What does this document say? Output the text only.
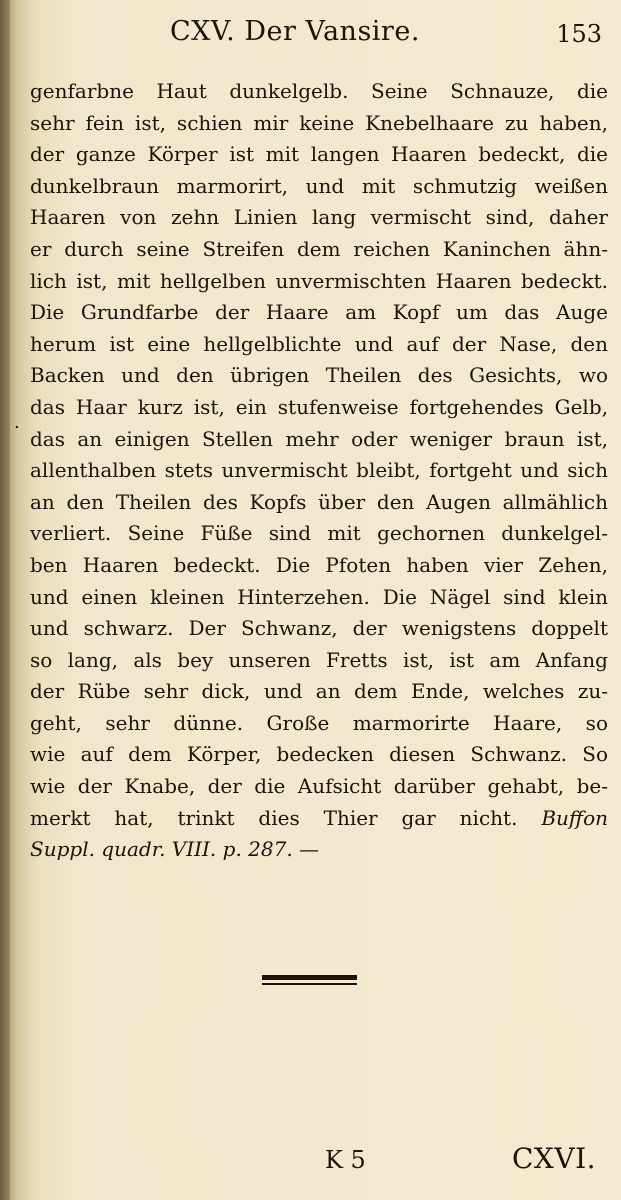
CXV. Der Vansire.	153
.
genfarbne Haut dunkelgelb. Seine Schnauze, die
sehr fein ist, schien mir keine Knebelhaare zu haben,
der ganze Körper ist mit langen Haaren bedeckt, die
dunkelbraun marmorirt, und mit schmutzig weißen
Haaren von zehn Linien lang vermischt sind, daher
er durch seine Streifen dem reichen Kaninchen ähn-
lich ist, mit hellgelben unvermischten Haaren bedeckt.
Die Grundfarbe der Haare am Kopf um das Auge
herum ist eine hellgelblichte und auf der Nase, den
Backen und den übrigen Theilen des Gesichts, wo
das Haar kurz ist, ein stufenweise fortgehendes Gelb,
das an einigen Stellen mehr oder weniger braun ist,
allenthalben stets unvermischt bleibt, fortgeht und sich
an den Theilen des Kopfs über den Augen allmählich
verliert. Seine Füße sind mit gechornen dunkelgel-
ben Haaren bedeckt. Die Pfoten haben vier Zehen,
und einen kleinen Hinterzehen. Die Nägel sind klein
und schwarz. Der Schwanz, der wenigstens doppelt
so lang, als bey unseren Fretts ist, ist am Anfang
der Rübe sehr dick, und an dem Ende, welches zu-
geht, sehr dünne. Große marmorirte Haare, so
wie auf dem Körper, bedecken diesen Schwanz. So
wie der Knabe, der die Aufsicht darüber gehabt, be-
merkt hat, trinkt dies Thier gar nicht. Buffon
Suppl. quadr. VIII. p. 287. —
K 5	CXVI.
